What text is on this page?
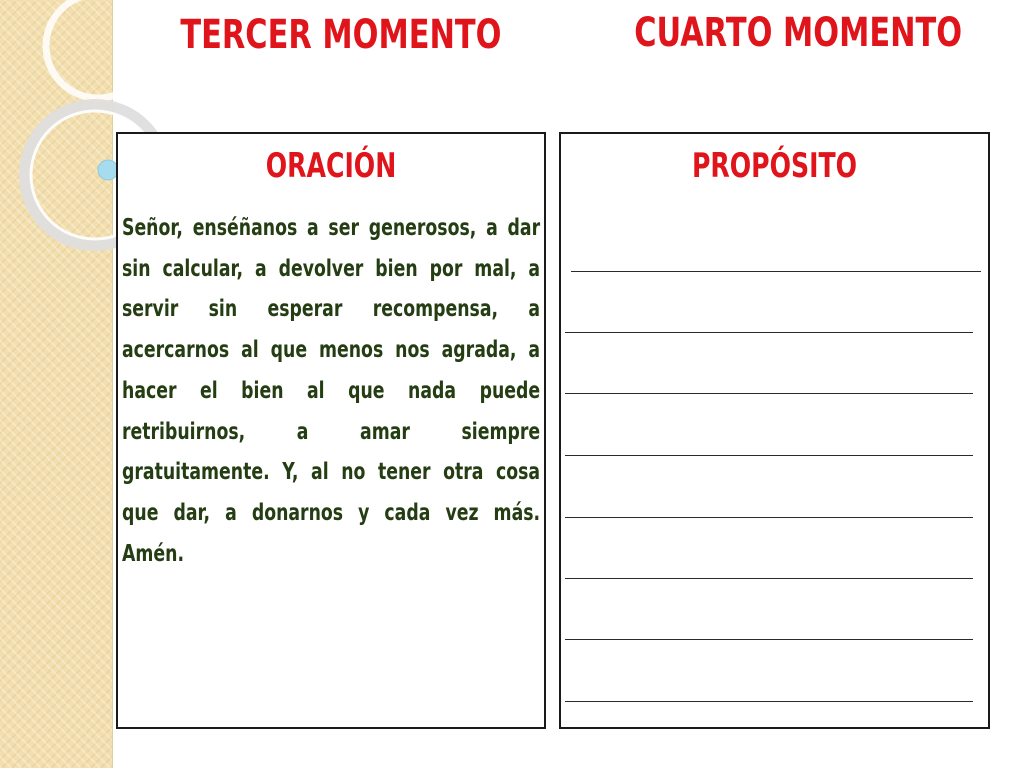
TERCER MOMENTO	CUARTO MOMENTO
ORACIÓN

Señor, enséñanos a ser generosos, a dar sin calcular, a devolver bien por mal, a servir sin esperar recompensa, a acercarnos al que menos nos agrada, a hacer el bien al que nada puede retribuirnos, a amar siempre gratuitamente. Y, al no tener otra cosa que dar, a donarnos y cada vez más. Amén.

PROPÓSITO
